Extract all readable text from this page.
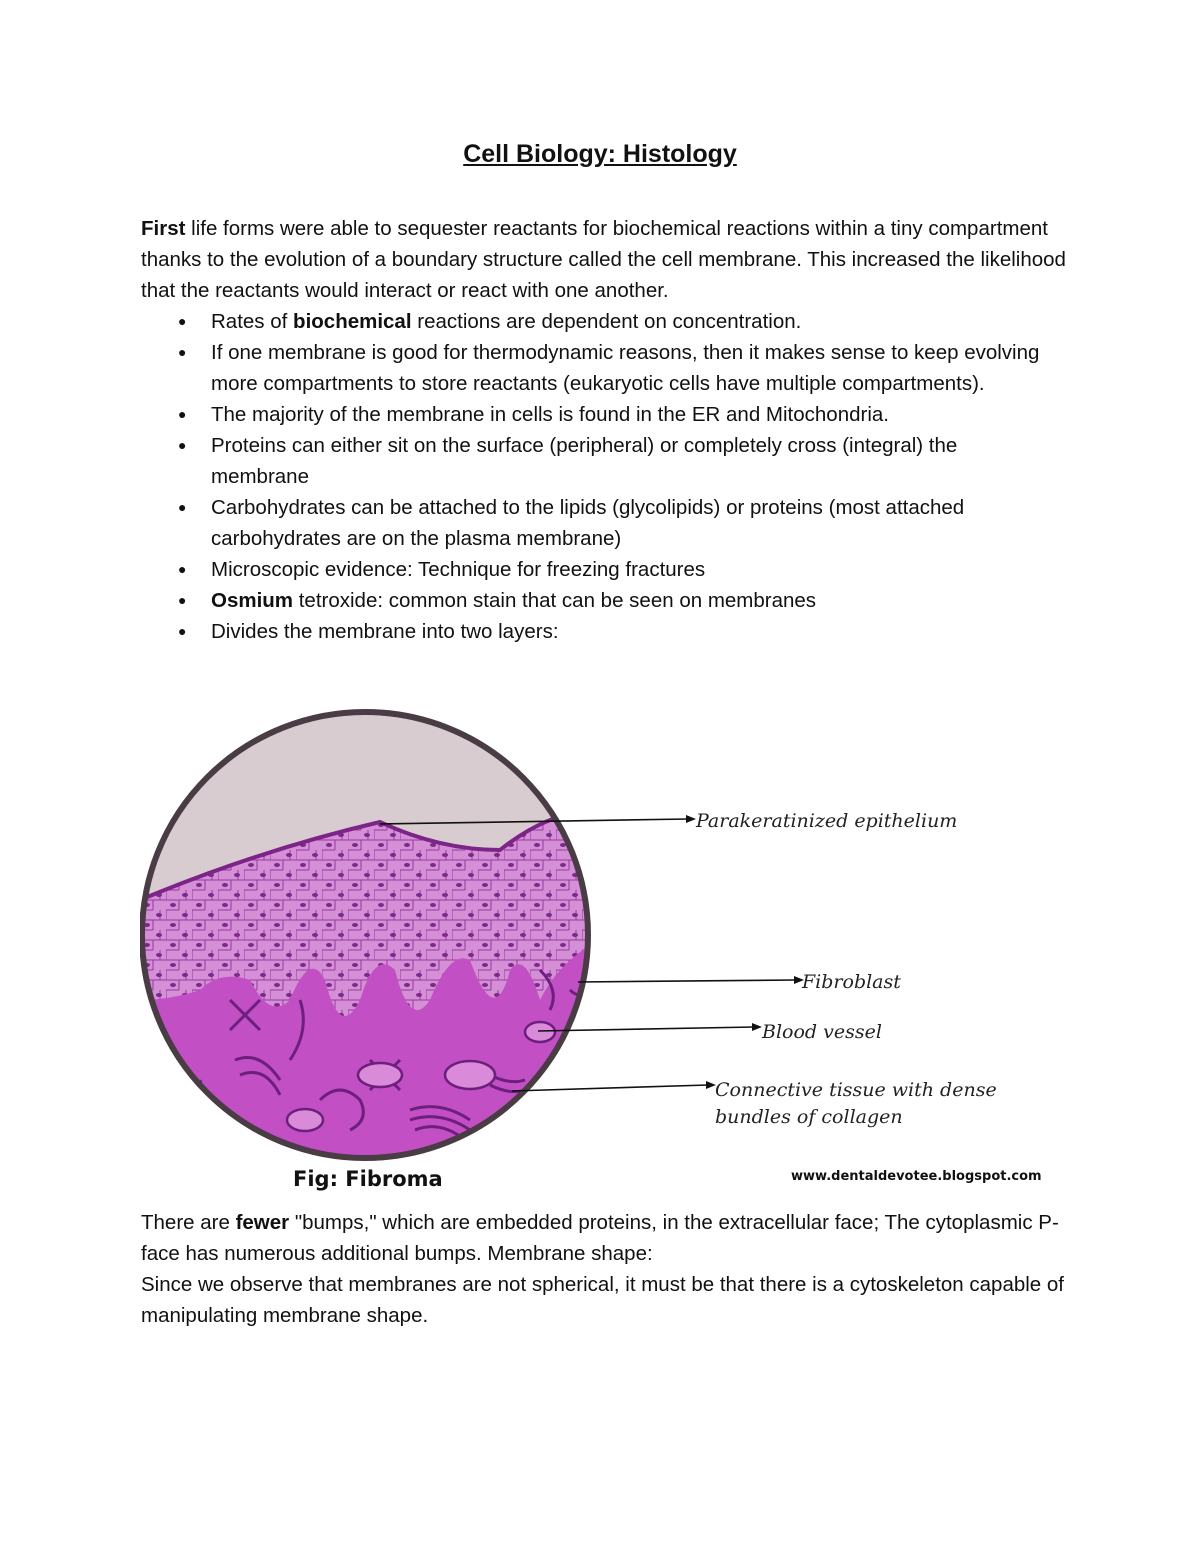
Cell Biology: Histology

First life forms were able to sequester reactants for biochemical reactions within a tiny compartment thanks to the evolution of a boundary structure called the cell membrane. This increased the likelihood that the reactants would interact or react with one another.

● Rates of biochemical reactions are dependent on concentration.
● If one membrane is good for thermodynamic reasons, then it makes sense to keep evolving more compartments to store reactants (eukaryotic cells have multiple compartments).
● The majority of the membrane in cells is found in the ER and Mitochondria.
● Proteins can either sit on the surface (peripheral) or completely cross (integral) the membrane
● Carbohydrates can be attached to the lipids (glycolipids) or proteins (most attached carbohydrates are on the plasma membrane)
● Microscopic evidence: Technique for freezing fractures
● Osmium tetroxide: common stain that can be seen on membranes
● Divides the membrane into two layers:
Parakeratinized epithelium
Fibroblast
Blood vessel
Connective tissue with dense
bundles of collagen
Fig: Fibroma	www.dentaldevotee.blogspot.com

There are fewer "bumps," which are embedded proteins, in the extracellular face; The cytoplasmic P-face has numerous additional bumps. Membrane shape:
Since we observe that membranes are not spherical, it must be that there is a cytoskeleton capable of manipulating membrane shape.
